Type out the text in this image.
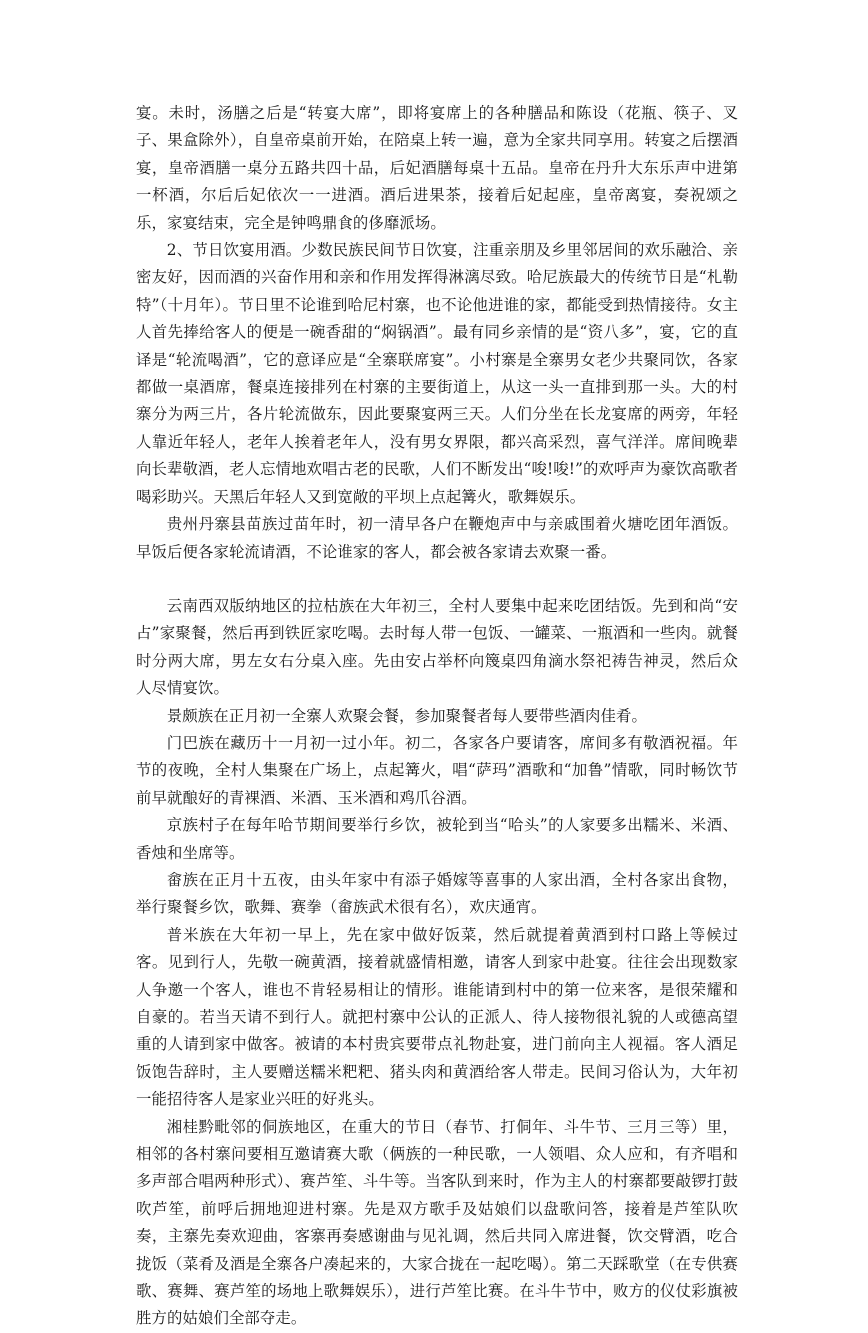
宴。未时，汤膳之后是“转宴大席”，即将宴席上的各种膳品和陈设（花瓶、筷子、叉子、果盒除外），自皇帝桌前开始，在陪桌上转一遍，意为全家共同享用。转宴之后摆酒宴，皇帝酒膳一桌分五路共四十品，后妃酒膳每桌十五品。皇帝在丹升大东乐声中进第一杯酒，尔后后妃依次一一进酒。酒后进果茶，接着后妃起座，皇帝离宴，奏祝颂之乐，家宴结束，完全是钟鸣鼎食的侈靡派场。

2、节日饮宴用酒。少数民族民间节日饮宴，注重亲朋及乡里邻居间的欢乐融洽、亲密友好，因而酒的兴奋作用和亲和作用发挥得淋漓尽致。哈尼族最大的传统节日是“札勒特”（十月年）。节日里不论谁到哈尼村寨，也不论他进谁的家，都能受到热情接待。女主人首先捧给客人的便是一碗香甜的“焖锅酒”。最有同乡亲情的是“资八多”，宴，它的直译是“轮流喝酒”，它的意译应是“全寨联席宴”。小村寨是全寨男女老少共聚同饮，各家都做一桌酒席，餐桌连接排列在村寨的主要街道上，从这一头一直排到那一头。大的村寨分为两三片，各片轮流做东，因此要聚宴两三天。人们分坐在长龙宴席的两旁，年轻人靠近年轻人，老年人挨着老年人，没有男女界限，都兴高采烈，喜气洋洋。席间晚辈向长辈敬酒，老人忘情地欢唱古老的民歌，人们不断发出“唆!唆!”的欢呼声为豪饮高歌者喝彩助兴。天黑后年轻人又到宽敞的平坝上点起篝火，歌舞娱乐。

贵州丹寨县苗族过苗年时，初一清早各户在鞭炮声中与亲戚围着火塘吃团年酒饭。早饭后便各家轮流请酒，不论谁家的客人，都会被各家请去欢聚一番。

云南西双版纳地区的拉枯族在大年初三，全村人要集中起来吃团结饭。先到和尚“安占”家聚餐，然后再到铁匠家吃喝。去时每人带一包饭、一罐菜、一瓶酒和一些肉。就餐时分两大席，男左女右分桌入座。先由安占举杯向篾桌四角滴水祭祀祷告神灵，然后众人尽情宴饮。

景颇族在正月初一全寨人欢聚会餐，参加聚餐者每人要带些酒肉佳肴。

门巴族在藏历十一月初一过小年。初二，各家各户要请客，席间多有敬酒祝福。年节的夜晚，全村人集聚在广场上，点起篝火，唱“萨玛”酒歌和“加鲁”情歌，同时畅饮节前早就酿好的青裸酒、米酒、玉米酒和鸡爪谷酒。

京族村子在每年哈节期间要举行乡饮，被轮到当“哈头”的人家要多出糯米、米酒、香烛和坐席等。

畲族在正月十五夜，由头年家中有添子婚嫁等喜事的人家出酒，全村各家出食物，举行聚餐乡饮，歌舞、赛拳（畲族武术很有名），欢庆通宵。

普米族在大年初一早上，先在家中做好饭菜，然后就提着黄酒到村口路上等候过客。见到行人，先敬一碗黄酒，接着就盛情相邀，请客人到家中赴宴。往往会出现数家人争邀一个客人，谁也不肯轻易相让的情形。谁能请到村中的第一位来客，是很荣耀和自豪的。若当天请不到行人。就把村寨中公认的正派人、待人接物很礼貌的人或德高望重的人请到家中做客。被请的本村贵宾要带点礼物赴宴，进门前向主人视福。客人酒足饭饱告辞时，主人要赠送糯米粑粑、猪头肉和黄酒给客人带走。民间习俗认为，大年初一能招待客人是家业兴旺的好兆头。

湘桂黔毗邻的侗族地区，在重大的节日（春节、打侗年、斗牛节、三月三等）里，相邻的各村寨问要相互邀请赛大歌（俩族的一种民歌，一人领唱、众人应和，有齐唱和多声部合唱两种形式）、赛芦笙、斗牛等。当客队到来时，作为主人的村寨都要敲锣打鼓吹芦笙，前呼后拥地迎进村寨。先是双方歌手及姑娘们以盘歌问答，接着是芦笙队吹奏，主寨先奏欢迎曲，客寨再奏感谢曲与见礼调，然后共同入席进餐，饮交臂酒，吃合拢饭（菜肴及酒是全寨各户凑起来的，大家合拢在一起吃喝）。第二天踩歌堂（在专供赛歌、赛舞、赛芦笙的场地上歌舞娱乐），进行芦笙比赛。在斗牛节中，败方的仪仗彩旗被胜方的姑娘们全部夺走。
